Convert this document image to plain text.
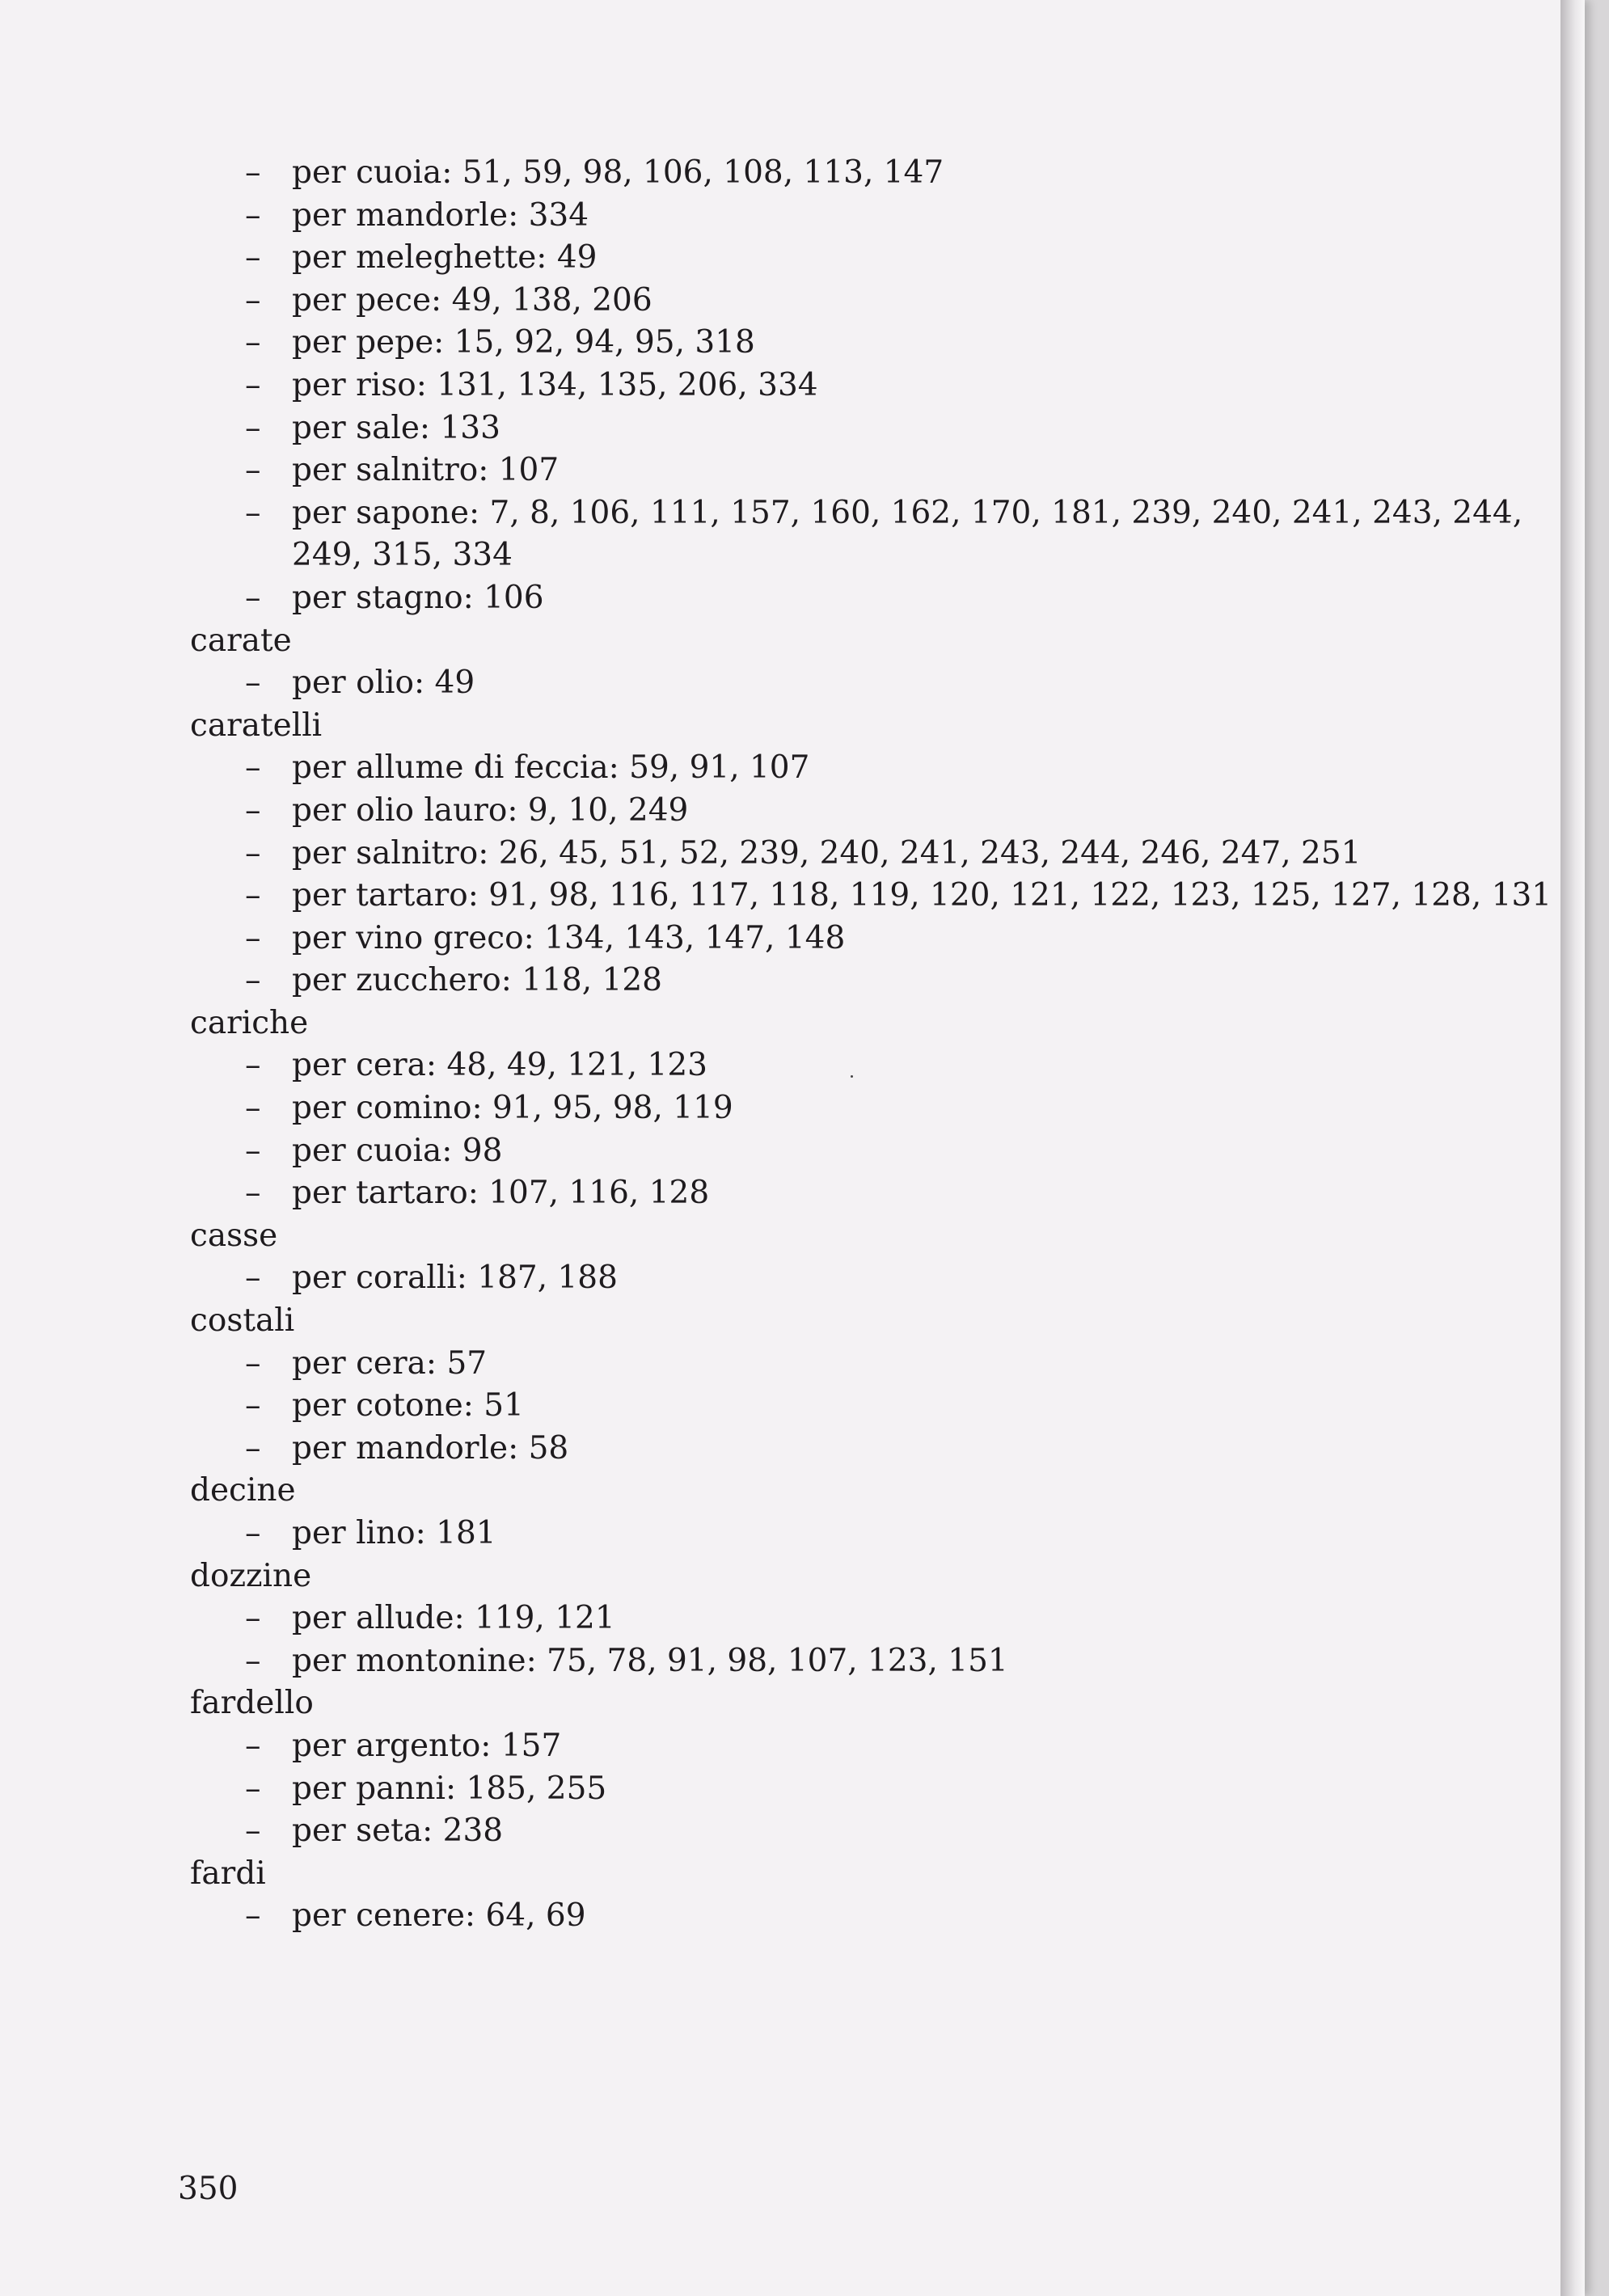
– per cuoia: 51, 59, 98, 106, 108, 113, 147
– per mandorle: 334
– per meleghette: 49
– per pece: 49, 138, 206
– per pepe: 15, 92, 94, 95, 318
– per riso: 131, 134, 135, 206, 334
– per sale: 133
– per salnitro: 107
– per sapone: 7, 8, 106, 111, 157, 160, 162, 170, 181, 239, 240, 241, 243, 244, 249, 315, 334
– per stagno: 106
carate
– per olio: 49
caratelli
– per allume di feccia: 59, 91, 107
– per olio lauro: 9, 10, 249
– per salnitro: 26, 45, 51, 52, 239, 240, 241, 243, 244, 246, 247, 251
– per tartaro: 91, 98, 116, 117, 118, 119, 120, 121, 122, 123, 125, 127, 128, 131
– per vino greco: 134, 143, 147, 148
– per zucchero: 118, 128
cariche
– per cera: 48, 49, 121, 123
– per comino: 91, 95, 98, 119
– per cuoia: 98
– per tartaro: 107, 116, 128
casse
– per coralli: 187, 188
costali
– per cera: 57
– per cotone: 51
– per mandorle: 58
decine
– per lino: 181
dozzine
– per allude: 119, 121
– per montonine: 75, 78, 91, 98, 107, 123, 151
fardello
– per argento: 157
– per panni: 185, 255
– per seta: 238
fardi
– per cenere: 64, 69
350
